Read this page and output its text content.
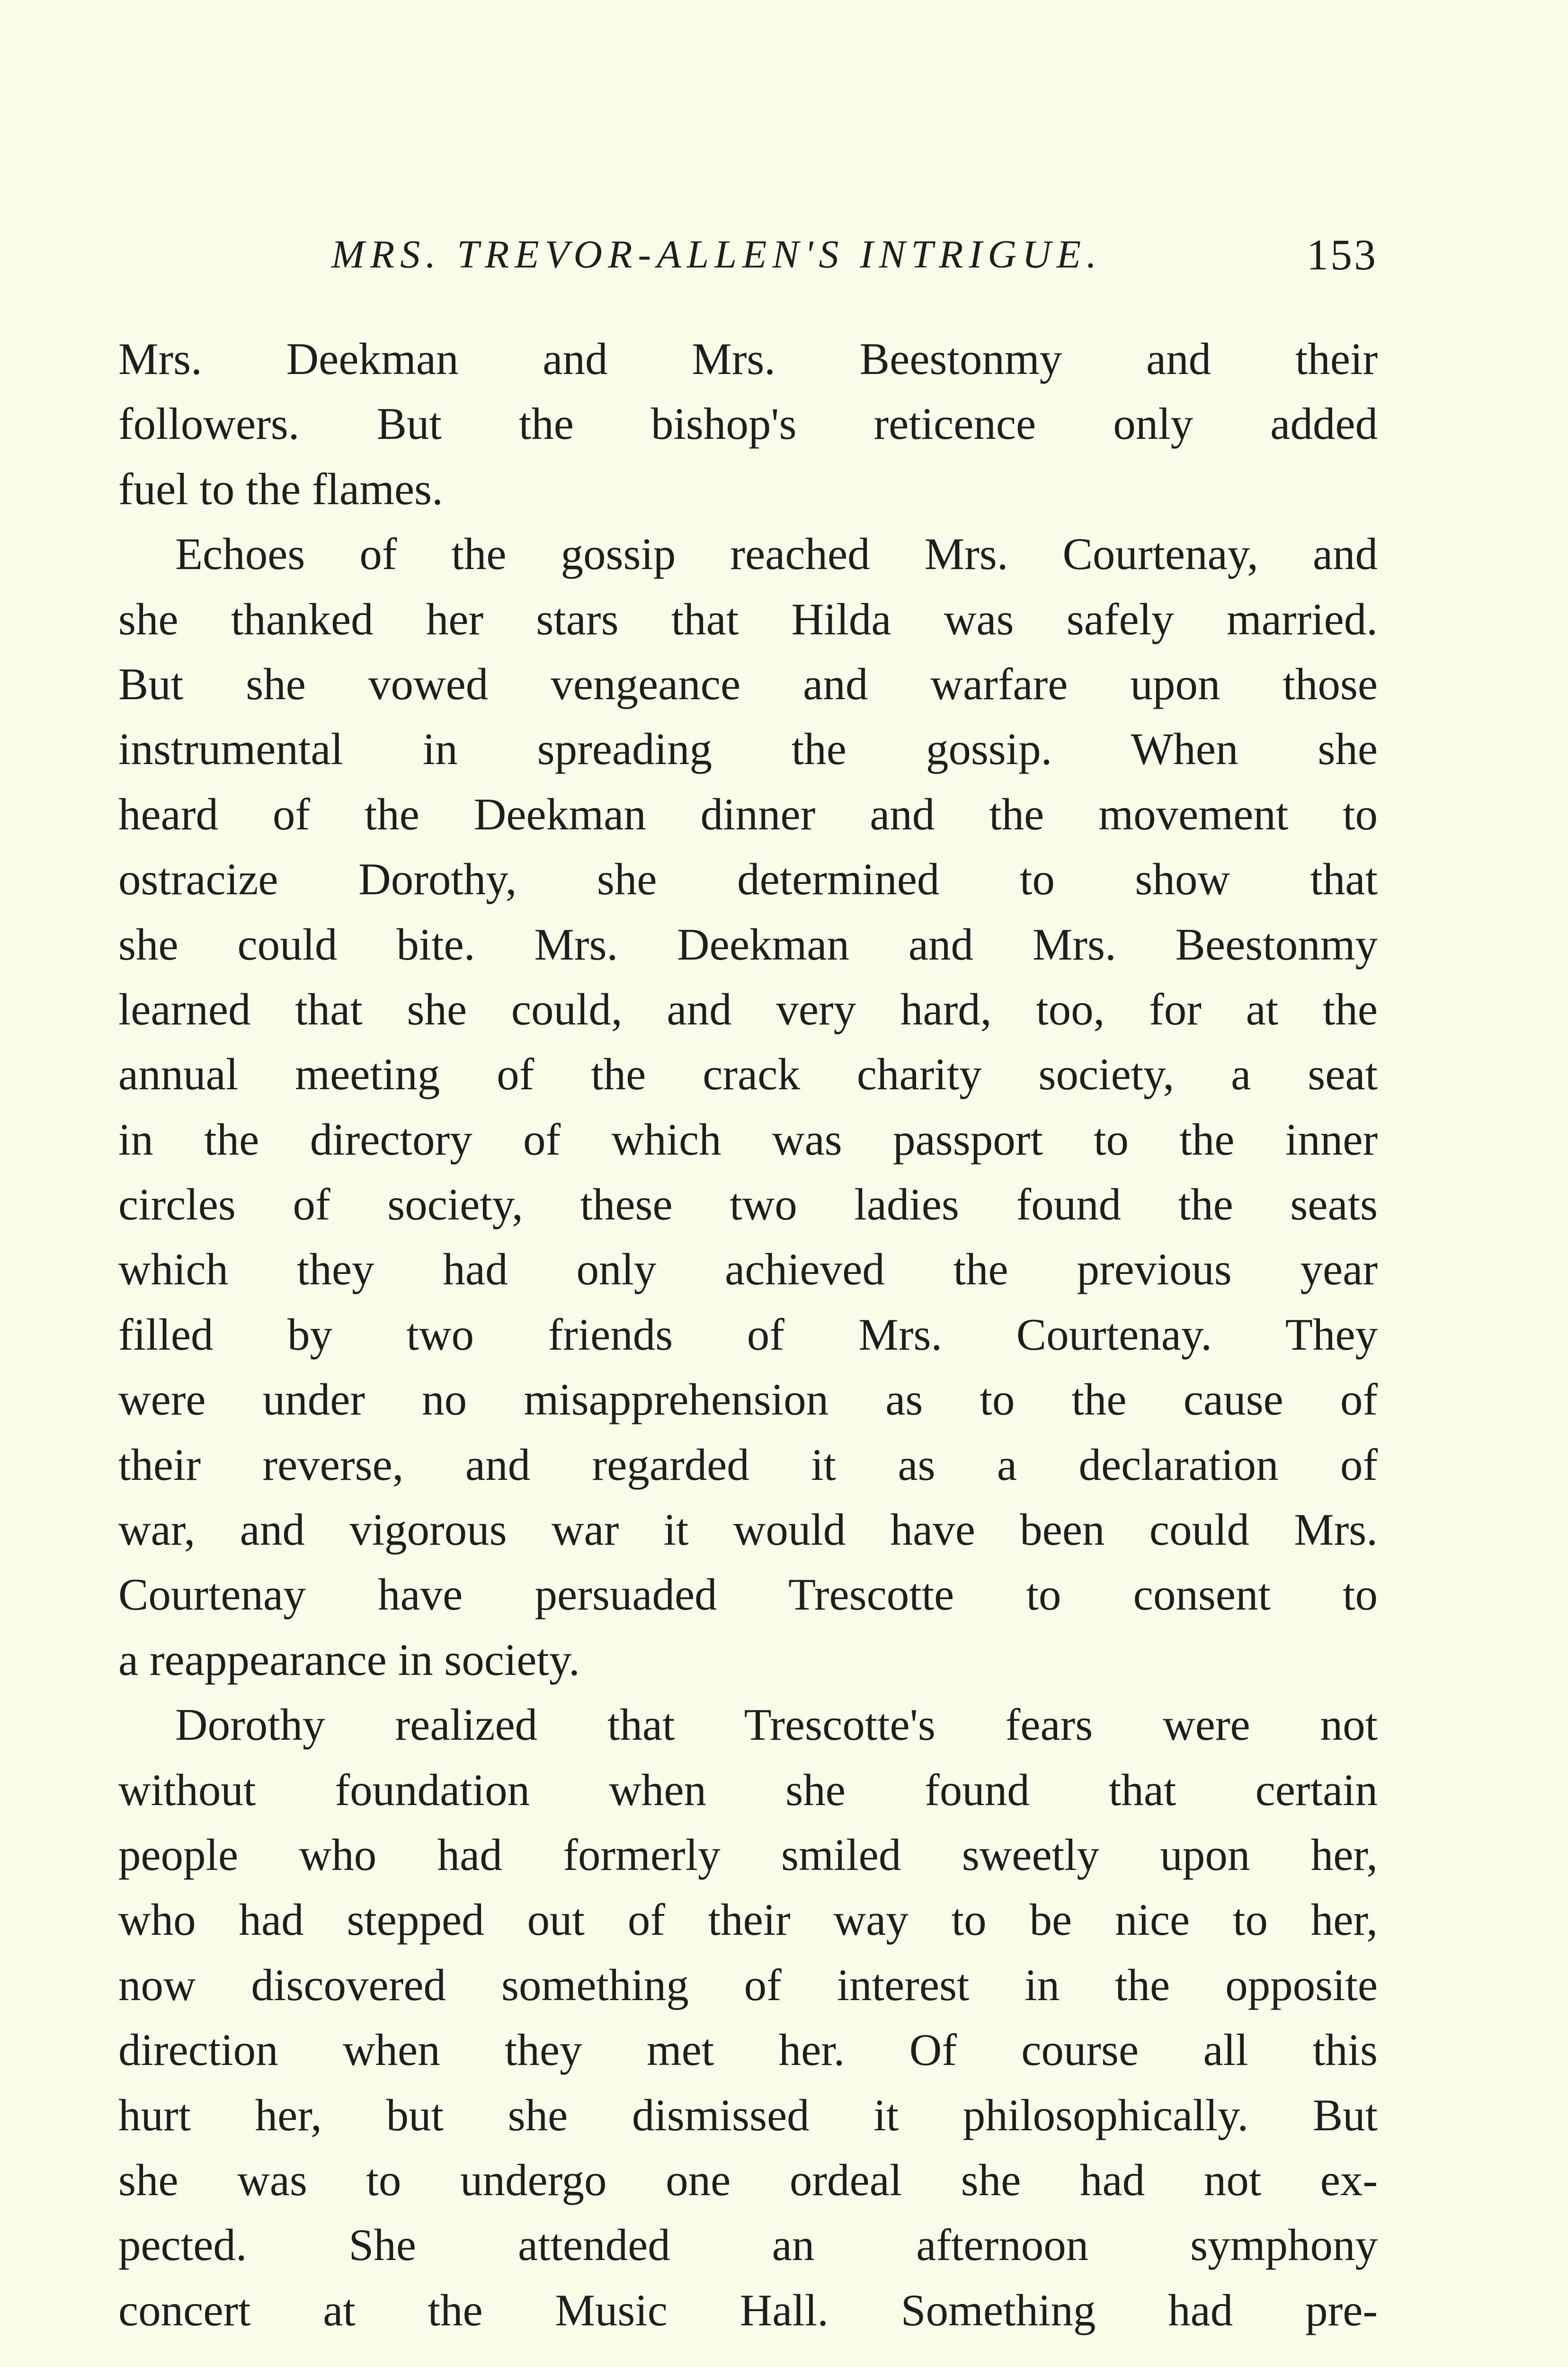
MRS. TREVOR-ALLEN'S INTRIGUE.	153

Mrs. Deekman and Mrs. Beestonmy and their
followers. But the bishop's reticence only added
fuel to the flames.

Echoes of the gossip reached Mrs. Courtenay, and
she thanked her stars that Hilda was safely married.
But she vowed vengeance and warfare upon those
instrumental in spreading the gossip. When she
heard of the Deekman dinner and the movement to
ostracize Dorothy, she determined to show that
she could bite. Mrs. Deekman and Mrs. Beestonmy
learned that she could, and very hard, too, for at the
annual meeting of the crack charity society, a seat
in the directory of which was passport to the inner
circles of society, these two ladies found the seats
which they had only achieved the previous year
filled by two friends of Mrs. Courtenay. They
were under no misapprehension as to the cause of
their reverse, and regarded it as a declaration of
war, and vigorous war it would have been could Mrs.
Courtenay have persuaded Trescotte to consent to
a reappearance in society.

Dorothy realized that Trescotte's fears were not
without foundation when she found that certain
people who had formerly smiled sweetly upon her,
who had stepped out of their way to be nice to her,
now discovered something of interest in the opposite
direction when they met her. Of course all this
hurt her, but she dismissed it philosophically. But
she was to undergo one ordeal she had not ex-
pected. She attended an afternoon symphony
concert at the Music Hall. Something had pre-
